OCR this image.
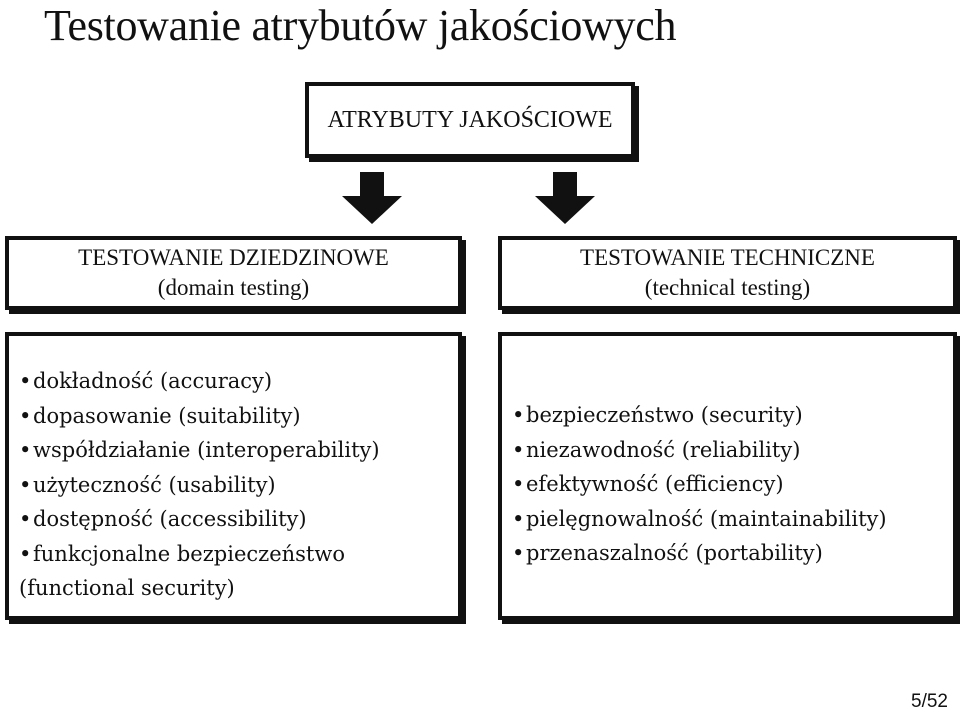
Testowanie atrybutów jakościowych
ATRYBUTY JAKOŚCIOWE
TESTOWANIE DZIEDZINOWE
(domain testing)
TESTOWANIE TECHNICZNE
(technical testing)
•dokładność (accuracy)
•dopasowanie (suitability)
•współdziałanie (interoperability)
•użyteczność (usability)
•dostępność (accessibility)
•funkcjonalne bezpieczeństwo
(functional security)
•bezpieczeństwo (security)
•niezawodność (reliability)
•efektywność (efficiency)
•pielęgnowalność (maintainability)
•przenaszalność (portability)
5/52
